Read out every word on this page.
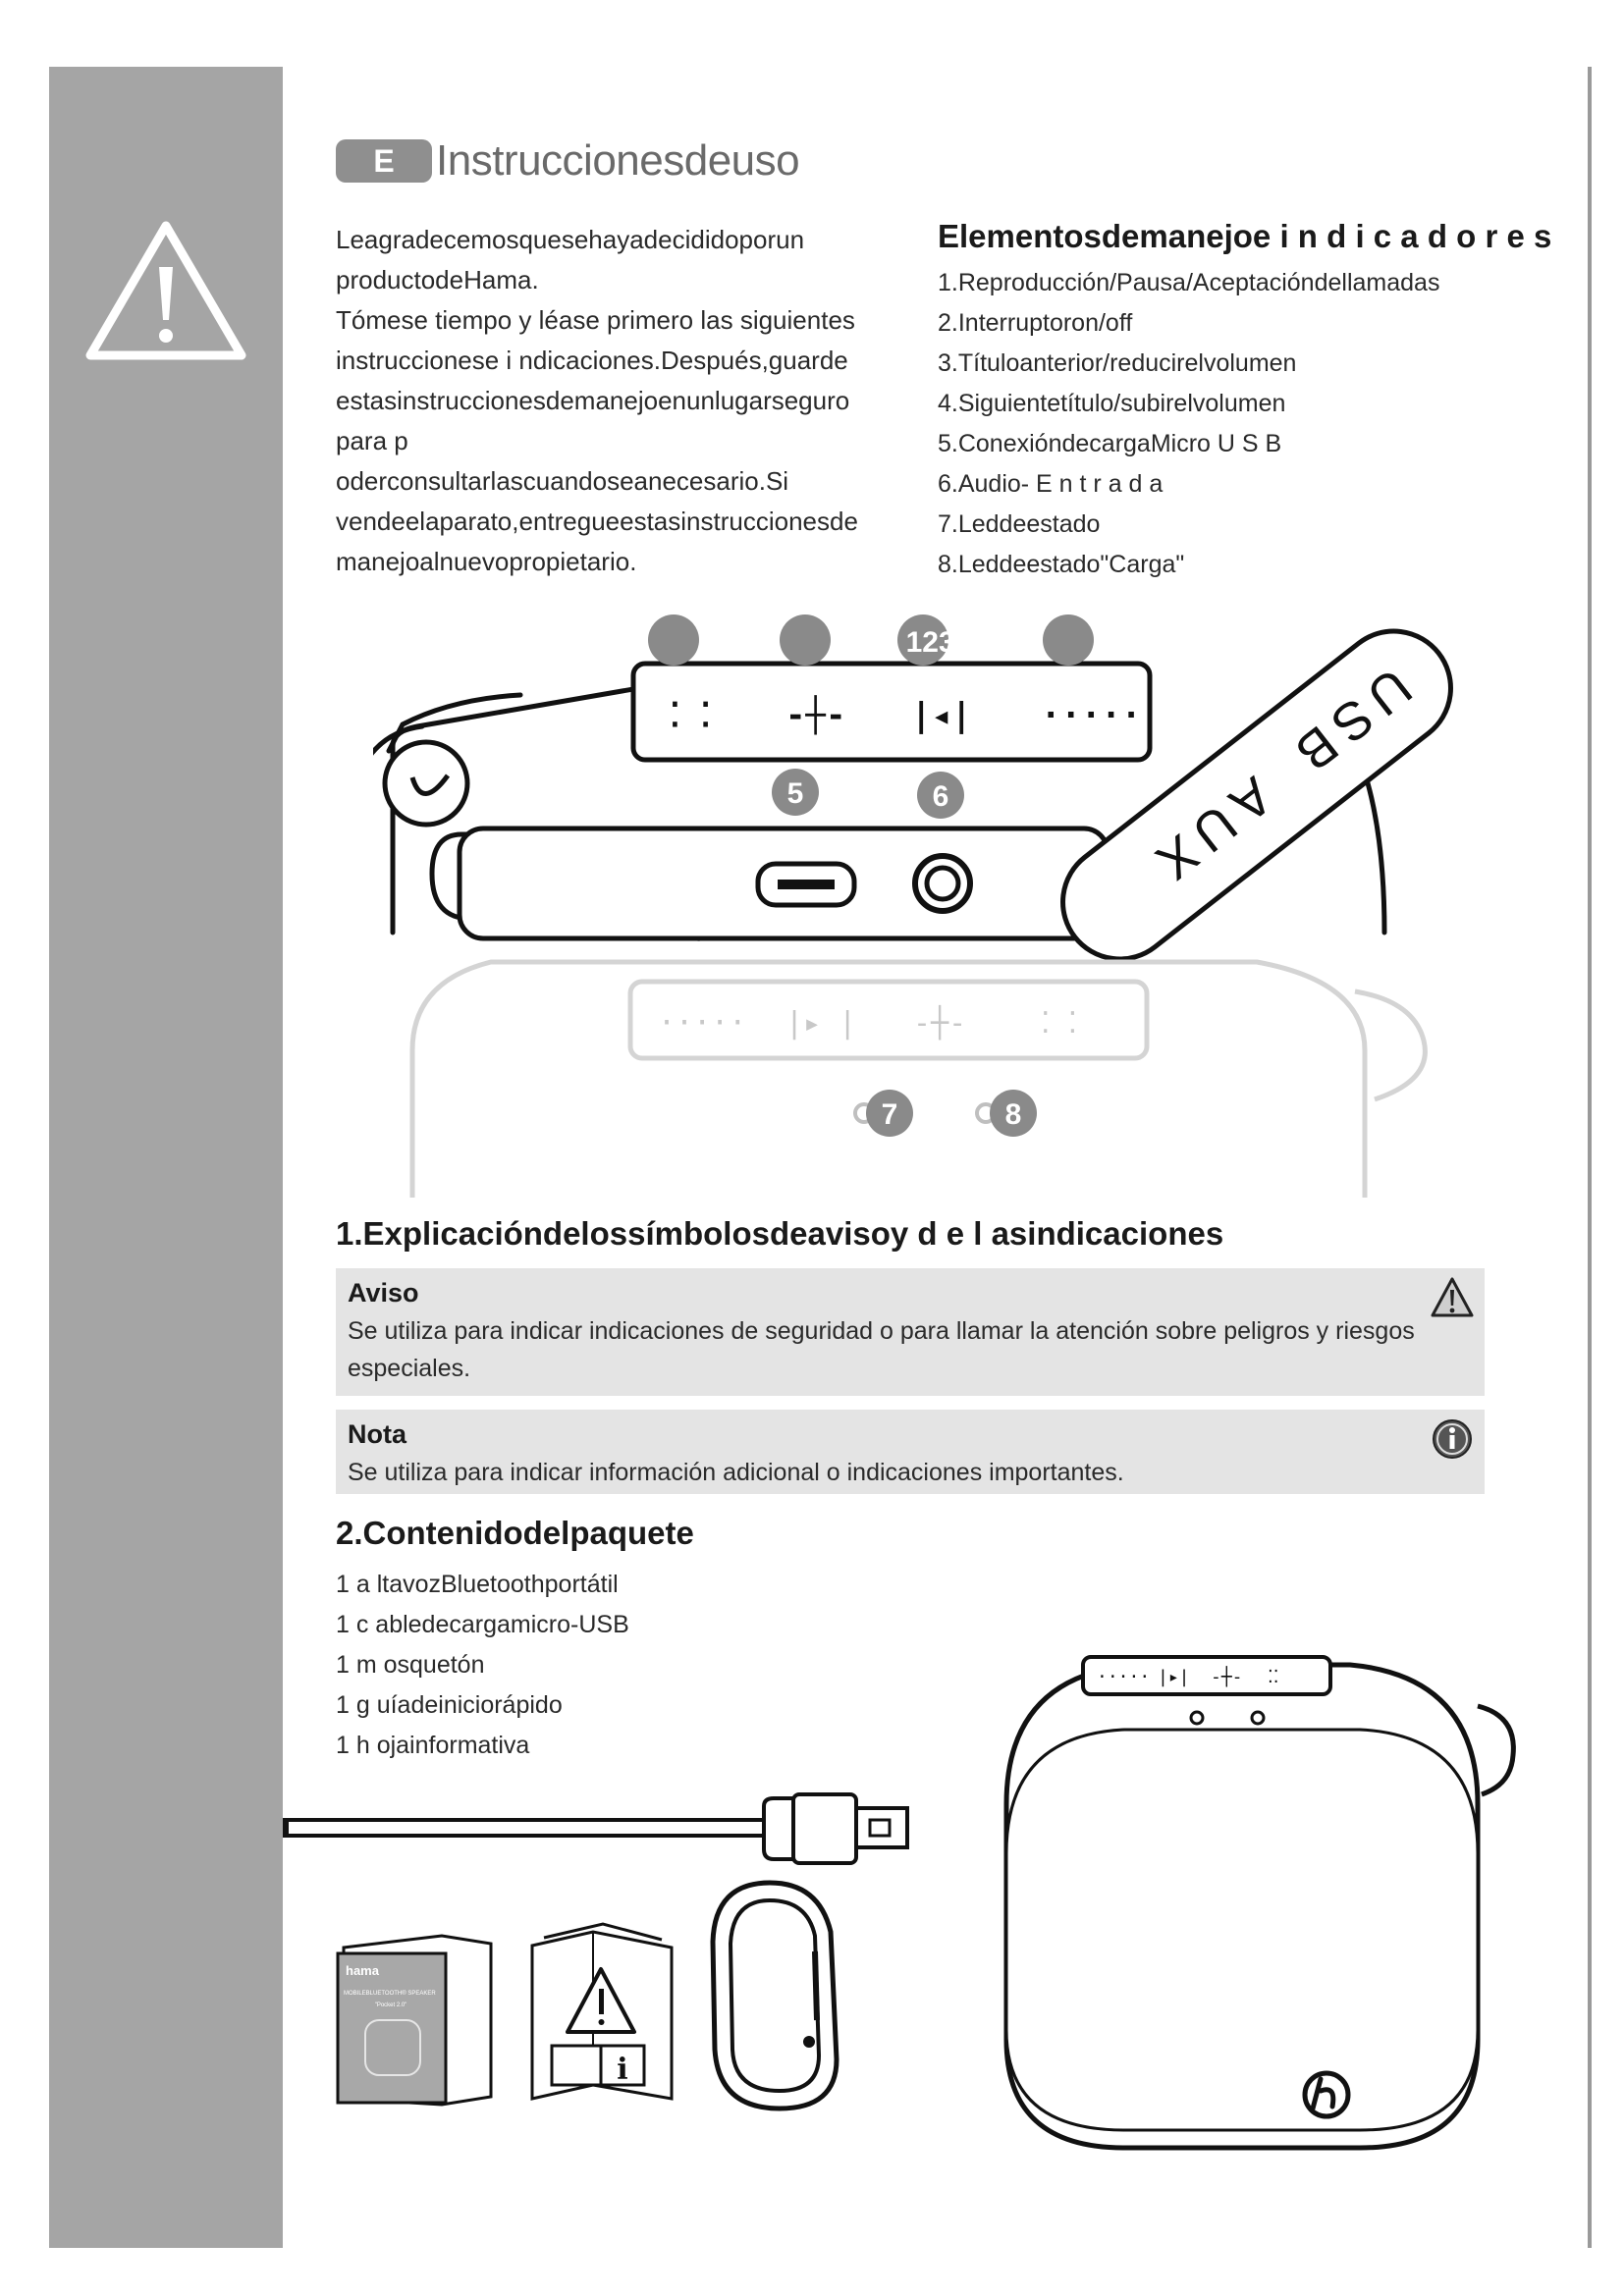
E Instruccionesdeuso

Leagradecemosquesehayadecididoporun productodeHama.

Tómese tiempo y léase primero las siguientes instruccionese i ndicaciones.Después,guarde estasinstruccionesdemanejoenunlugarseguro para p oderconsultarlascuandoseanecesario.Si vendeelaparato,entregueestasinstruccionesde manejoalnuevopropietario.

Elementosdemanejoe i n d i c a d o r e s
1.Reproducción/Pausa/Aceptacióndellamadas
2.Interruptoron/off
3.Títuloanterior/reducirelvolumen
4.Siguientetítulo/subirelvolumen
5.ConexióndecargaMicro U S B
6.Audio- E n t r a d a
7.Leddeestado
8.Leddeestado"Carga"
⁚ ⁚ -┼- |◂| ·····
1234
5	6	AUX
USB
····· |▸ | -┼-	⁚ ⁚
7	8
1.Explicacióndelossímbolosdeavisoy d e l asindicaciones
Aviso
Se utiliza para indicar indicaciones de seguridad o para llamar la atención sobre peligros y riesgos especiales.
Nota
Se utiliza para indicar información adicional o indicaciones importantes.
2.Contenidodelpaquete
1 a ltavozBluetoothportátil
1 c abledecargamicro-USB
1 m osquetón
1 g uíadeiniciorápido
1 h ojainformativa
····· |▸| -┼- ⁚⁚
hama
MOBILEBLUETOOTH® SPEAKER
"Pocket 2.0"
i
